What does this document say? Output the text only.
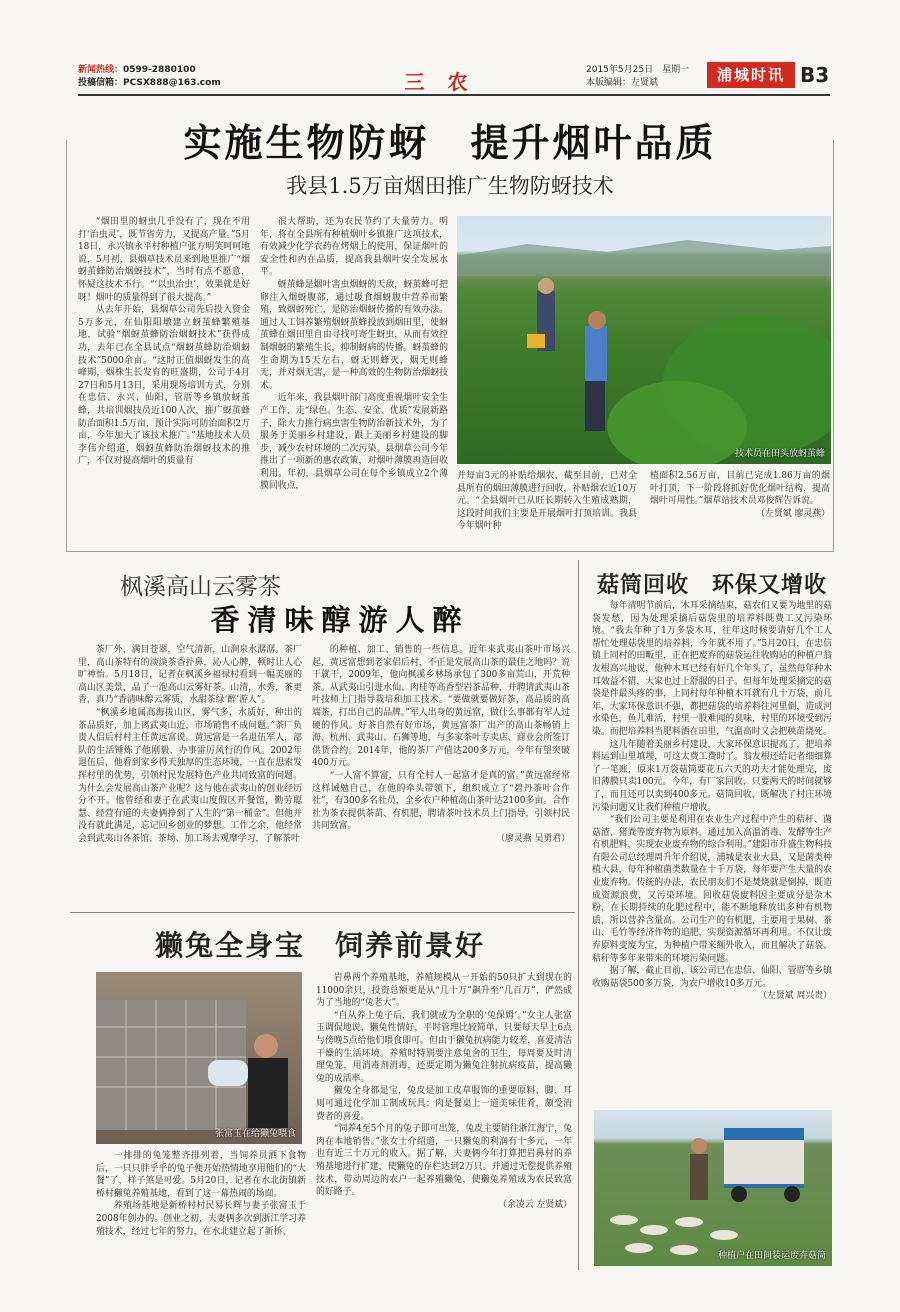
新闻热线：0599-2880100
投稿信箱：PCSX888@163.com	三 农	2015年5月25日　星期一
本版编辑：左贤斌	浦城时讯 B3
实施生物防蚜　提升烟叶品质
我县1.5万亩烟田推广生物防蚜技术

“烟田里的蚜虫几乎没有了，现在不用打‘治虫灵’，既节省劳力，又提高产量。”5月18日，永兴镇永平村种植户张方明笑呵呵地说，5月初，县烟草技术员来到地里推广“烟蚜茧蜂防治烟蚜技术”，当时有点不愿意，怀疑这技术不行。“‘以虫治虫’，效果就是好呀！烟叶的质量得到了很大提高。”

从去年开始，县烟草公司先后投入资金5万多元，在仙阳阳墩建立蚜茧蜂繁殖基地，试验“烟蚜茧蜂防治烟蚜技术”获得成功，去年已在全县试点“烟蚜茧蜂防治烟蚜技术”5000余亩。“这时正值烟蚜发生的高峰期，烟株生长发育的旺盛期，公司于4月27日和5月13日，采用现场培训方式，分别在忠信、永兴、仙阳、管厝等乡镇放蚜茧蜂，共培训烟技员近100人次，推广蚜茧蜂防治面积1.5万亩，预计实际可防治面积2万亩，今年加大了该技术推广。”基地技术人员李伟介绍道，烟蚜茧蜂防治烟蚜技术的推广，不仅对提高烟叶的质量有

很大帮助，还为农民节约了大量劳力。明年，将在全县所有种植烟叶乡镇推广这项技术，有效减少化学农药在烤烟上的使用，保证烟叶的安全性和内在品质，提高我县烟叶安全发展水平。

蚜茧蜂是烟叶害虫烟蚜的天敌，蚜茧蜂可把卵注入烟蚜腹部，通过吸食烟蚜腹中营养而繁殖，致烟蚜死亡，是防治烟蚜传播的有效办法。通过人工饲养繁殖烟蚜茧蜂投放到烟田里，使蚜茧蜂在烟田里自由寻找可寄生蚜虫，从而有效控制烟蚜的繁殖生长，抑制蚜病的传播。蚜茧蜂的生命期为15天左右，蚜无则蜂灭，烟无则蜂无，并对烟无害，是一种高效的生物防治烟蚜技术。

近年来，我县烟叶部门高度重视烟叶安全生产工作，走“绿色、生态、安全、优质”发展新路子，除大力推行病虫害生物防治新技术外，为了服务于美丽乡村建设，跟上美丽乡村建设的脚步，减少农村环境的二次污染。县烟草公司今年推出了一项新的惠农政策，对烟叶薄膜再造回收利用。年初，县烟草公司在每个乡镇成立2个薄膜回收点，

技术员在田头放蚜茧蜂

并每亩3元的补贴给烟农，截至目前，已对全县所有的烟田薄膜进行回收，补贴烟农近10万元。“全县烟叶已从旺长期转入生殖成熟期，这段时间我们主要是开展烟叶打顶培训。我县今年烟叶种

植面积2.56万亩，目前已完成1.86万亩的烟叶打顶，下一阶段将抓好优化烟叶结构，提高烟叶可用性。”烟草站技术员邓俊辉告诉说。

（左贤斌 廖灵燕）

枫溪高山云雾茶
香清味醇游人醉

茶厂外，满目苍翠，空气清新，山涧泉水潺潺。茶厂里，高山茶特有的淡淡茶香扑鼻，沁人心脾，顿时让人心旷神怡。5月18日，记者在枫溪乡福禄村看到一幅美丽的高山区美景，品了一泡高山云雾好茶。山清，水秀，茶更香，真乃“香清味醇云雾质，水甜茶绿‘醉’游人”。

“枫溪乡地属高海拔山区，雾气多，水质好，种出的茶品质好，加上离武夷山近，市场销售不成问题。”茶厂负责人侣后村村主任黄远富说。黄远富是一名退伍军人，部队的生活锤炼了他刚毅、办事雷厉风行的作风。2002年退伍后，他看到家乡得天独厚的生态环境，一直在思索发挥村里的优势，引领村民发展特色产业共同致富的问题。为什么会发展高山茶产业呢？这与他在武夷山的创业经历分不开。他曾经和妻子在武夷山度假区开餐馆，勤劳聪慧、经营有道的夫妻俩挣到了人生的“第一桶金”。但他并没有就此满足，忘记回乡创业的梦想。工作之余，他经常会到武夷山各茶馆、茶场、加工场去观摩学习，了解茶叶

的种植、加工、销售的一些信息。近年来武夷山茶叶市场兴起，黄远富想到老家侣后村，不正是发展高山茶的最佳之地吗？说干就干，2009年，他向枫溪乡林场承包了300多亩荒山，开荒种茶。从武夷山引进水仙、肉桂等高香型岩茶品种，并聘请武夷山茶叶技师上门指导栽培和加工技术。“要做就要做好茶，高品质的高端茶，打出自己的品牌。”军人出身的黄远富，做什么事都有军人过硬的作风。好茶自然有好市场，黄远富茶厂出产的高山茶畅销上海、杭州、武夷山、石狮等地，与多家茶叶专卖店、商业会所签订供货合约。2014年，他的茶厂产值达200多万元，今年有望突破400万元。

“一人富不算富，只有全村人一起富才是真的富。”黄远富经常这样诫勉自己，在他的牵头带领下，组织成立了“碧丹茶叶合作社”，有300多名社员，全乡农户种植高山茶叶达2100多亩。合作社为茶农提供茶苗、有机肥，聘请茶叶技术员上门指导，引领村民共同致富。

（廖灵燕 吴勇君）

獭兔全身宝　饲养前景好
张富玉在给獭兔喂食

一排排的兔笼整齐排列着，当饲养员洒下食物后，一只只胖乎乎的兔子便开始热情地享用他们的“大餐”了，样子煞是可爱。5月20日，记者在水北街镇新桥村獭兔养殖基地，看到了这一幕热闹的场面。

养殖场基地是新桥村村民易长辉与妻子张富玉于2008年创办的。创业之初，夫妻俩多次到浙江学习养殖技术，经过七年的努力，在水北建立起了新桥、

岩鼻两个养殖基地，养殖规模从一开始的50只扩大到现在的11000余只，投资总额更是从“几十万”飙升至“几百万”，俨然成为了当地的“兔老大”。

“自从养上兔子后，我们就成为全职的‘兔保姆’。”女主人张富玉调侃地说，獭兔性情好，平时管理比较简单，只要每天早上6点与傍晚5点给他们喂食即可。但由于獭兔抗病能力较差，喜爱清洁干燥的生活环境。养殖时特别要注意兔舍的卫生，每周要及时清理兔笼，用消毒剂消毒，还要定期为獭兔注射抗病疫苗，提高獭兔的成活率。

獭兔全身都是宝，兔皮是加工皮草服饰的重要原料，脚、耳则可通过化学加工制成玩具；肉是餐桌上一道美味佳肴，颇受消费者的喜爱。

“饲养4至5个月的兔子即可出笼，兔皮主要销往浙江海宁，兔肉在本地销售。”张女士介绍道，一只獭兔的利润有十多元，一年也有近三十万元的收入。据了解，夫妻俩今年打算把岩鼻村的养殖基地进行扩建，使獭兔的存栏达到2万只。并通过无偿提供养殖技术，带动周边的农户一起养殖獭兔，使獭兔养殖成为农民致富的好路子。

（余凌云 左贤斌）

菇筒回收　环保又增收

每年清明节前后，木耳采摘结束，菇农们又要为地里的菇袋发愁，因为处理采摘后菇袋里的培养料既费工又污染环境。“我去年种了1万多袋木耳，往年这时候要请好几个工人帮忙处理菇袋里的培养料，今年就不用了。”5月20日，在忠信镇上同村的田畈里，正在把废弃的菇袋运往收购站的种植户翁友根高兴地说，他种木耳已经有好几个年头了，虽然每年种木耳效益不错，大家也过上舒服的日子。但每年处理采摘完的菇袋是件最头疼的事，上同村每年种植木耳就有几十万袋，前几年，大家环保意识不强，都把菇袋的培养料往河里倒，造成河水染色，鱼儿难活，村里一股难闻的臭味，村里的环境受到污染。而把培养料当肥料洒在田里，气温高时又会把秧苗烧死。

这几年随着美丽乡村建设，大家环保意识提高了，把培养料运到山里填埋，可这太费工费时了。翁友根还给记者细细算了一笔账，原来1万袋菇筒要花五六天的功夫才能处理完，废旧薄膜只卖100元。今年，有厂家回收，只要两天的时间就够了，而且还可以卖到400多元。菇筒回收，既解决了村庄环境污染问题又让我们种植户增收。

“我们公司主要是利用在农业生产过程中产生的秸秆、菌菇渣、猪粪等废弃物为原料，通过加入高温消毒、发酵等生产有机肥料，实现农业废弃物的综合利用。”建阳市升盛生物科技有限公司总经理周升年介绍说，浦城是农业大县，又是菌类种植大县，每年种植菌类数量在十千万袋，每年要产生大量的农业废弃物。传统的办法，农民朋友们不是焚烧就是倒掉，既造成资源浪费，又污染环境。回收菇袋废料因主要成分是杂木粉，在长期持续的化肥过程中，能不断地释放出多种有机物质，所以营养含量高。公司生产的有机肥，主要用于果树、茶山、毛竹等经济作物的追肥，实现资源循环再利用。不仅让废弃原料变废为宝，为种植户带来额外收入，而且解决了菇袋、秸秆等多年来带来的环境污染问题。

据了解，截止目前，该公司已在忠信、仙阳、管厝等乡镇收购菇袋500多万袋，为农户增收10多万元。

（左贤斌 周兴贵）

种植户在田间装运废弃菇筒
